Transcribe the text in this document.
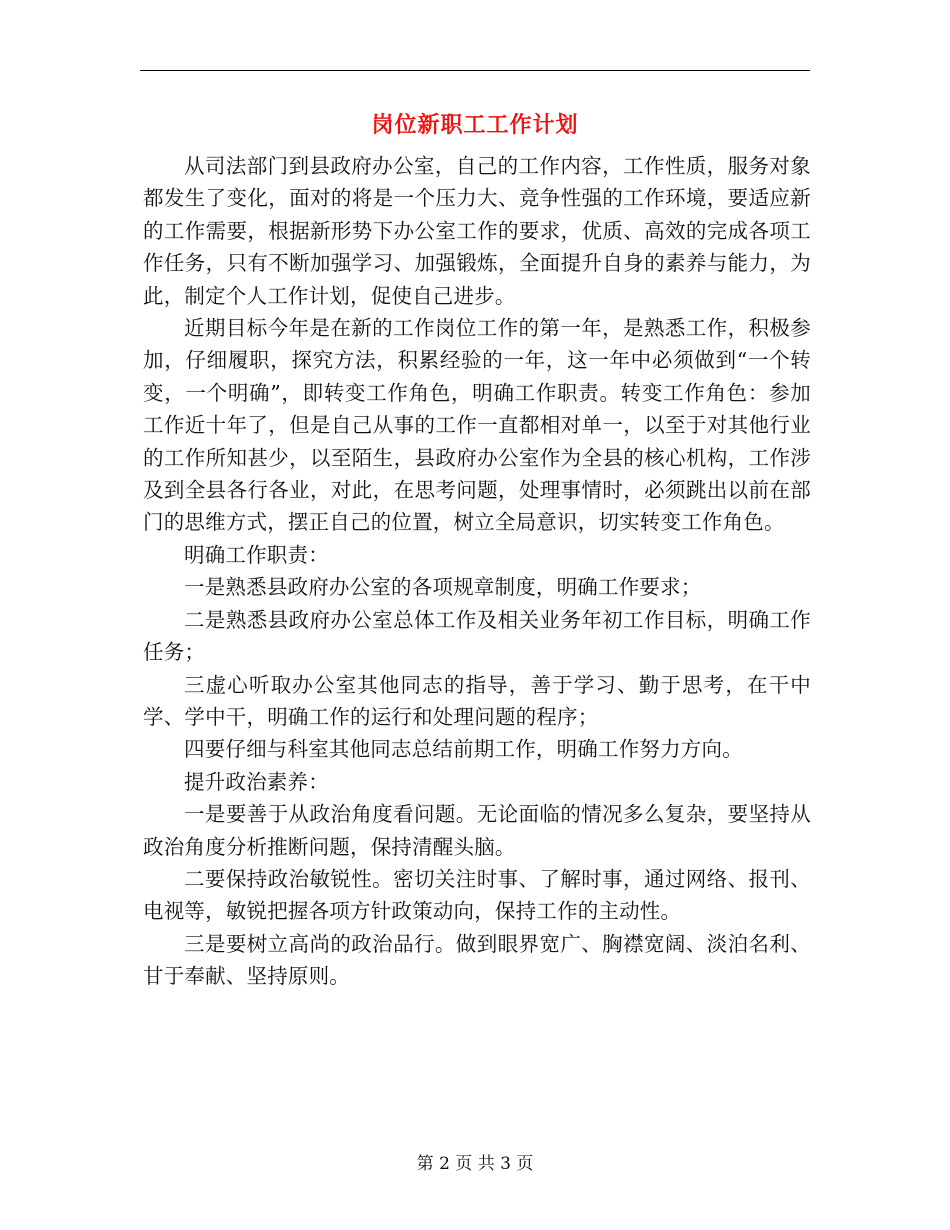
岗位新职工工作计划

从司法部门到县政府办公室，自己的工作内容，工作性质，服务对象都发生了变化，面对的将是一个压力大、竞争性强的工作环境，要适应新的工作需要，根据新形势下办公室工作的要求，优质、高效的完成各项工作任务，只有不断加强学习、加强锻炼，全面提升自身的素养与能力，为此，制定个人工作计划，促使自己进步。

近期目标今年是在新的工作岗位工作的第一年，是熟悉工作，积极参加，仔细履职，探究方法，积累经验的一年，这一年中必须做到“一个转变，一个明确”，即转变工作角色，明确工作职责。转变工作角色：参加工作近十年了，但是自己从事的工作一直都相对单一，以至于对其他行业的工作所知甚少，以至陌生，县政府办公室作为全县的核心机构，工作涉及到全县各行各业，对此，在思考问题，处理事情时，必须跳出以前在部门的思维方式，摆正自己的位置，树立全局意识，切实转变工作角色。

明确工作职责：

一是熟悉县政府办公室的各项规章制度，明确工作要求；

二是熟悉县政府办公室总体工作及相关业务年初工作目标，明确工作任务；

三虚心听取办公室其他同志的指导，善于学习、勤于思考，在干中学、学中干，明确工作的运行和处理问题的程序；

四要仔细与科室其他同志总结前期工作，明确工作努力方向。

提升政治素养：

一是要善于从政治角度看问题。无论面临的情况多么复杂，要坚持从政治角度分析推断问题，保持清醒头脑。

二要保持政治敏锐性。密切关注时事、了解时事，通过网络、报刊、电视等，敏锐把握各项方针政策动向，保持工作的主动性。

三是要树立高尚的政治品行。做到眼界宽广、胸襟宽阔、淡泊名利、甘于奉献、坚持原则。

第 2 页 共 3 页
